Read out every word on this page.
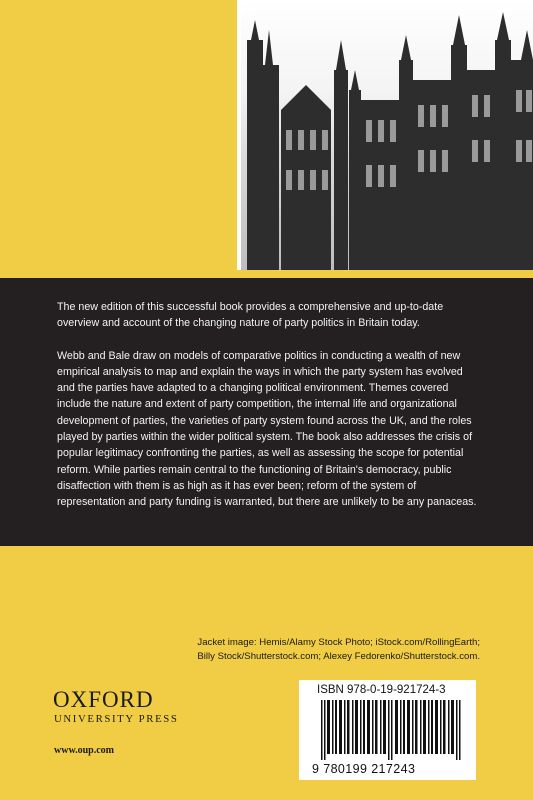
The new edition of this successful book provides a comprehensive and up-to-date overview and account of the changing nature of party politics in Britain today.

Webb and Bale draw on models of comparative politics in conducting a wealth of new empirical analysis to map and explain the ways in which the party system has evolved and the parties have adapted to a changing political environment. Themes covered include the nature and extent of party competition, the internal life and organizational development of parties, the varieties of party system found across the UK, and the roles played by parties within the wider political system. The book also addresses the crisis of popular legitimacy confronting the parties, as well as assessing the scope for potential reform. While parties remain central to the functioning of Britain's democracy, public disaffection with them is as high as it has ever been; reform of the system of representation and party funding is warranted, but there are unlikely to be any panaceas.

Jacket image: Hemis/Alamy Stock Photo; iStock.com/RollingEarth;
Billy Stock/Shutterstock.com; Alexey Fedorenko/Shutterstock.com.
OXFORD
UNIVERSITY PRESS
www.oup.com
ISBN 978-0-19-921724-3
9 780199 217243
